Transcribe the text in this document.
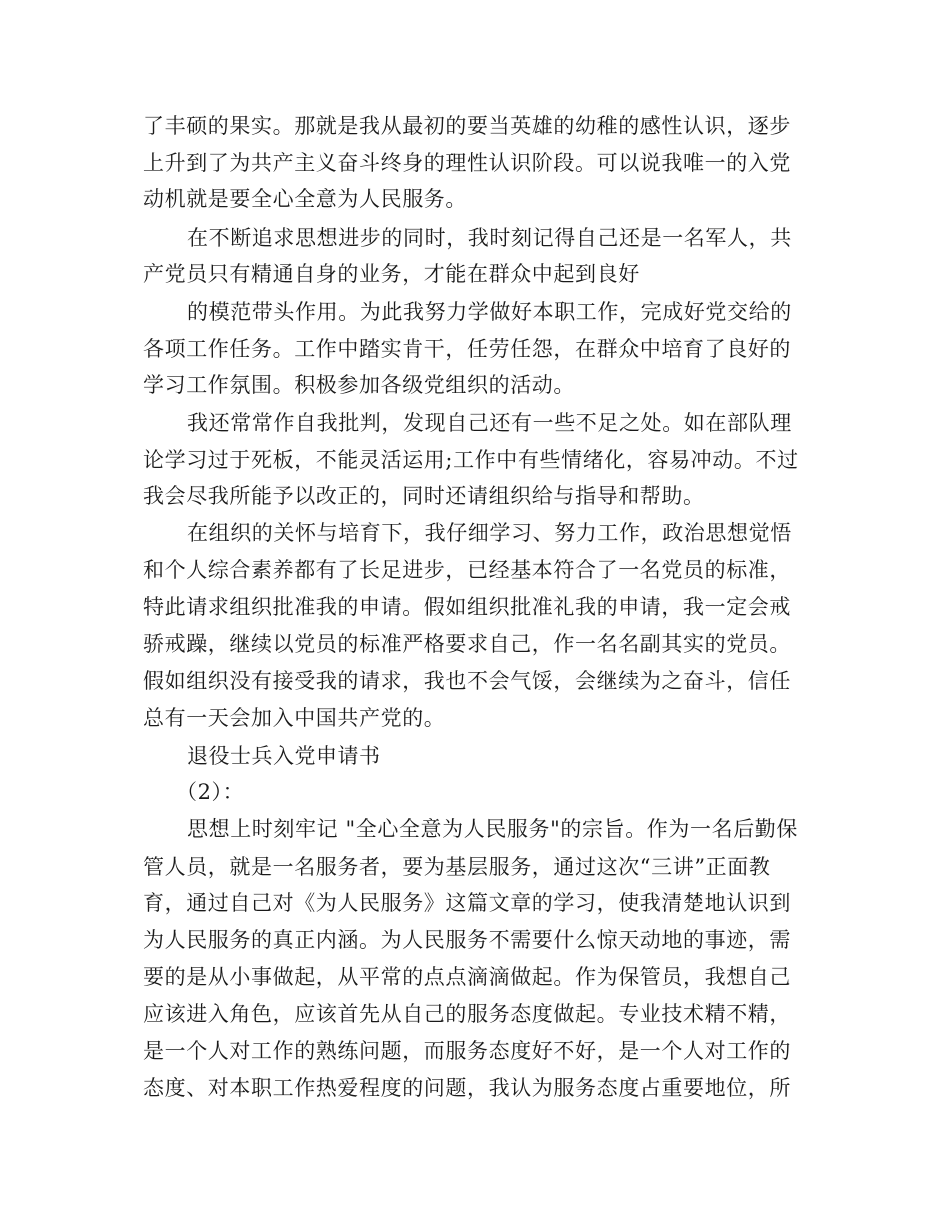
了丰硕的果实。那就是我从最初的要当英雄的幼稚的感性认识，逐步
上升到了为共产主义奋斗终身的理性认识阶段。可以说我唯一的入党
动机就是要全心全意为人民服务。
在不断追求思想进步的同时，我时刻记得自己还是一名军人，共
产党员只有精通自身的业务，才能在群众中起到良好
的模范带头作用。为此我努力学做好本职工作，完成好党交给的
各项工作任务。工作中踏实肯干，任劳任怨，在群众中培育了良好的
学习工作氛围。积极参加各级党组织的活动。
我还常常作自我批判，发现自己还有一些不足之处。如在部队理
论学习过于死板，不能灵活运用;工作中有些情绪化，容易冲动。不过
我会尽我所能予以改正的，同时还请组织给与指导和帮助。
在组织的关怀与培育下，我仔细学习、努力工作，政治思想觉悟
和个人综合素养都有了长足进步，已经基本符合了一名党员的标准，
特此请求组织批准我的申请。假如组织批准礼我的申请，我一定会戒
骄戒躁，继续以党员的标准严格要求自己，作一名名副其实的党员。
假如组织没有接受我的请求，我也不会气馁，会继续为之奋斗，信任
总有一天会加入中国共产党的。
退役士兵入党申请书
（2）：
思想上时刻牢记 "全心全意为人民服务"的宗旨。作为一名后勤保
管人员，就是一名服务者，要为基层服务，通过这次“三讲”正面教
育，通过自己对《为人民服务》这篇文章的学习，使我清楚地认识到
为人民服务的真正内涵。为人民服务不需要什么惊天动地的事迹，需
要的是从小事做起，从平常的点点滴滴做起。作为保管员，我想自己
应该进入角色，应该首先从自己的服务态度做起。专业技术精不精，
是一个人对工作的熟练问题，而服务态度好不好，是一个人对工作的
态度、对本职工作热爱程度的问题，我认为服务态度占重要地位，所
